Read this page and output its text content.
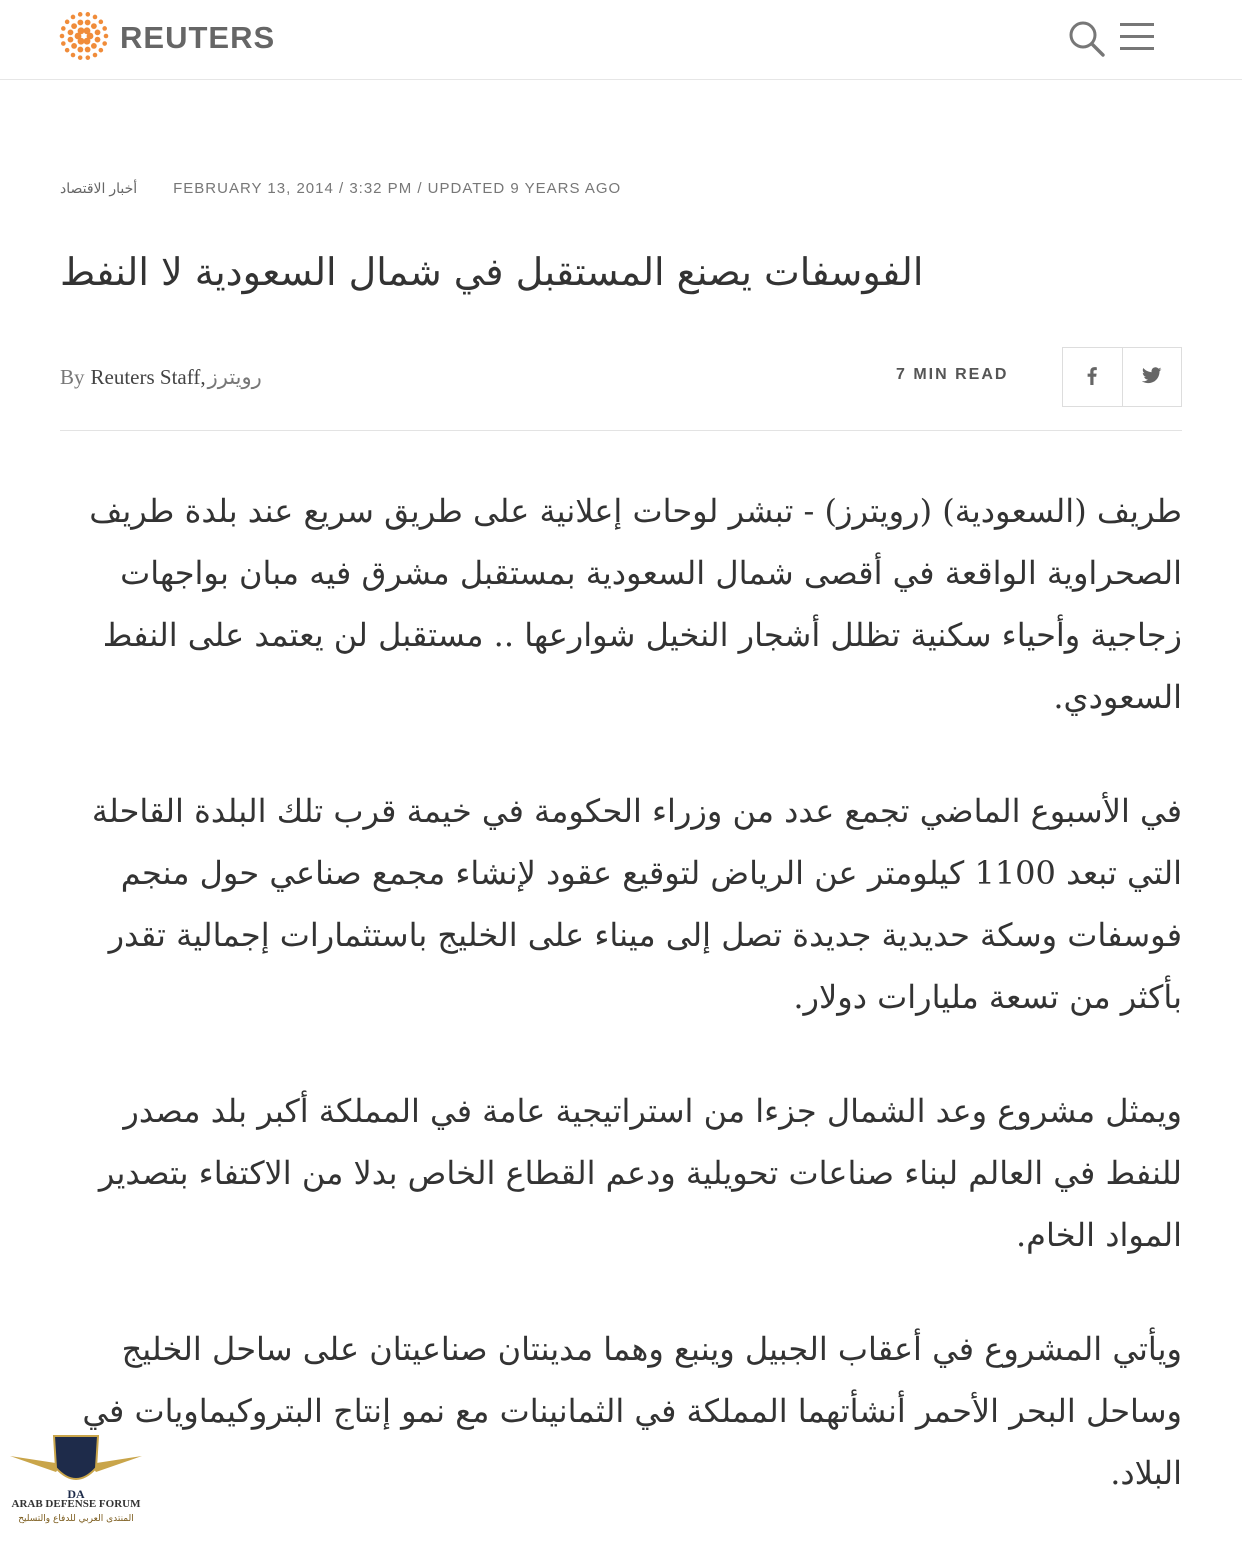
REUTERS
أخبار الاقتصاد FEBRUARY 13, 2014 / 3:32 PM / UPDATED 9 YEARS AGO
الفوسفات يصنع المستقبل في شمال السعودية لا النفط
By Reuters Staff, رويترز	7 MIN READ

طريف (السعودية) (رويترز) - تبشر لوحات إعلانية على طريق سريع عند بلدة طريف الصحراوية الواقعة في أقصى شمال السعودية بمستقبل مشرق فيه مبان بواجهات زجاجية وأحياء سكنية تظلل أشجار النخيل شوارعها .. مستقبل لن يعتمد على النفط السعودي.

في الأسبوع الماضي تجمع عدد من وزراء الحكومة في خيمة قرب تلك البلدة القاحلة التي تبعد 1100 كيلومتر عن الرياض لتوقيع عقود لإنشاء مجمع صناعي حول منجم فوسفات وسكة حديدية جديدة تصل إلى ميناء على الخليج باستثمارات إجمالية تقدر بأكثر من تسعة مليارات دولار.

ويمثل مشروع وعد الشمال جزءا من استراتيجية عامة في المملكة أكبر بلد مصدر للنفط في العالم لبناء صناعات تحويلية ودعم القطاع الخاص بدلا من الاكتفاء بتصدير المواد الخام.

ويأتي المشروع في أعقاب الجبيل وينبع وهما مدينتان صناعيتان على ساحل الخليج وساحل البحر الأحمر أنشأتهما المملكة في الثمانينات مع نمو إنتاج البتروكيماويات في البلاد.

DA
ARAB DEFENSE FORUM
المنتدى العربي للدفاع والتسليح
